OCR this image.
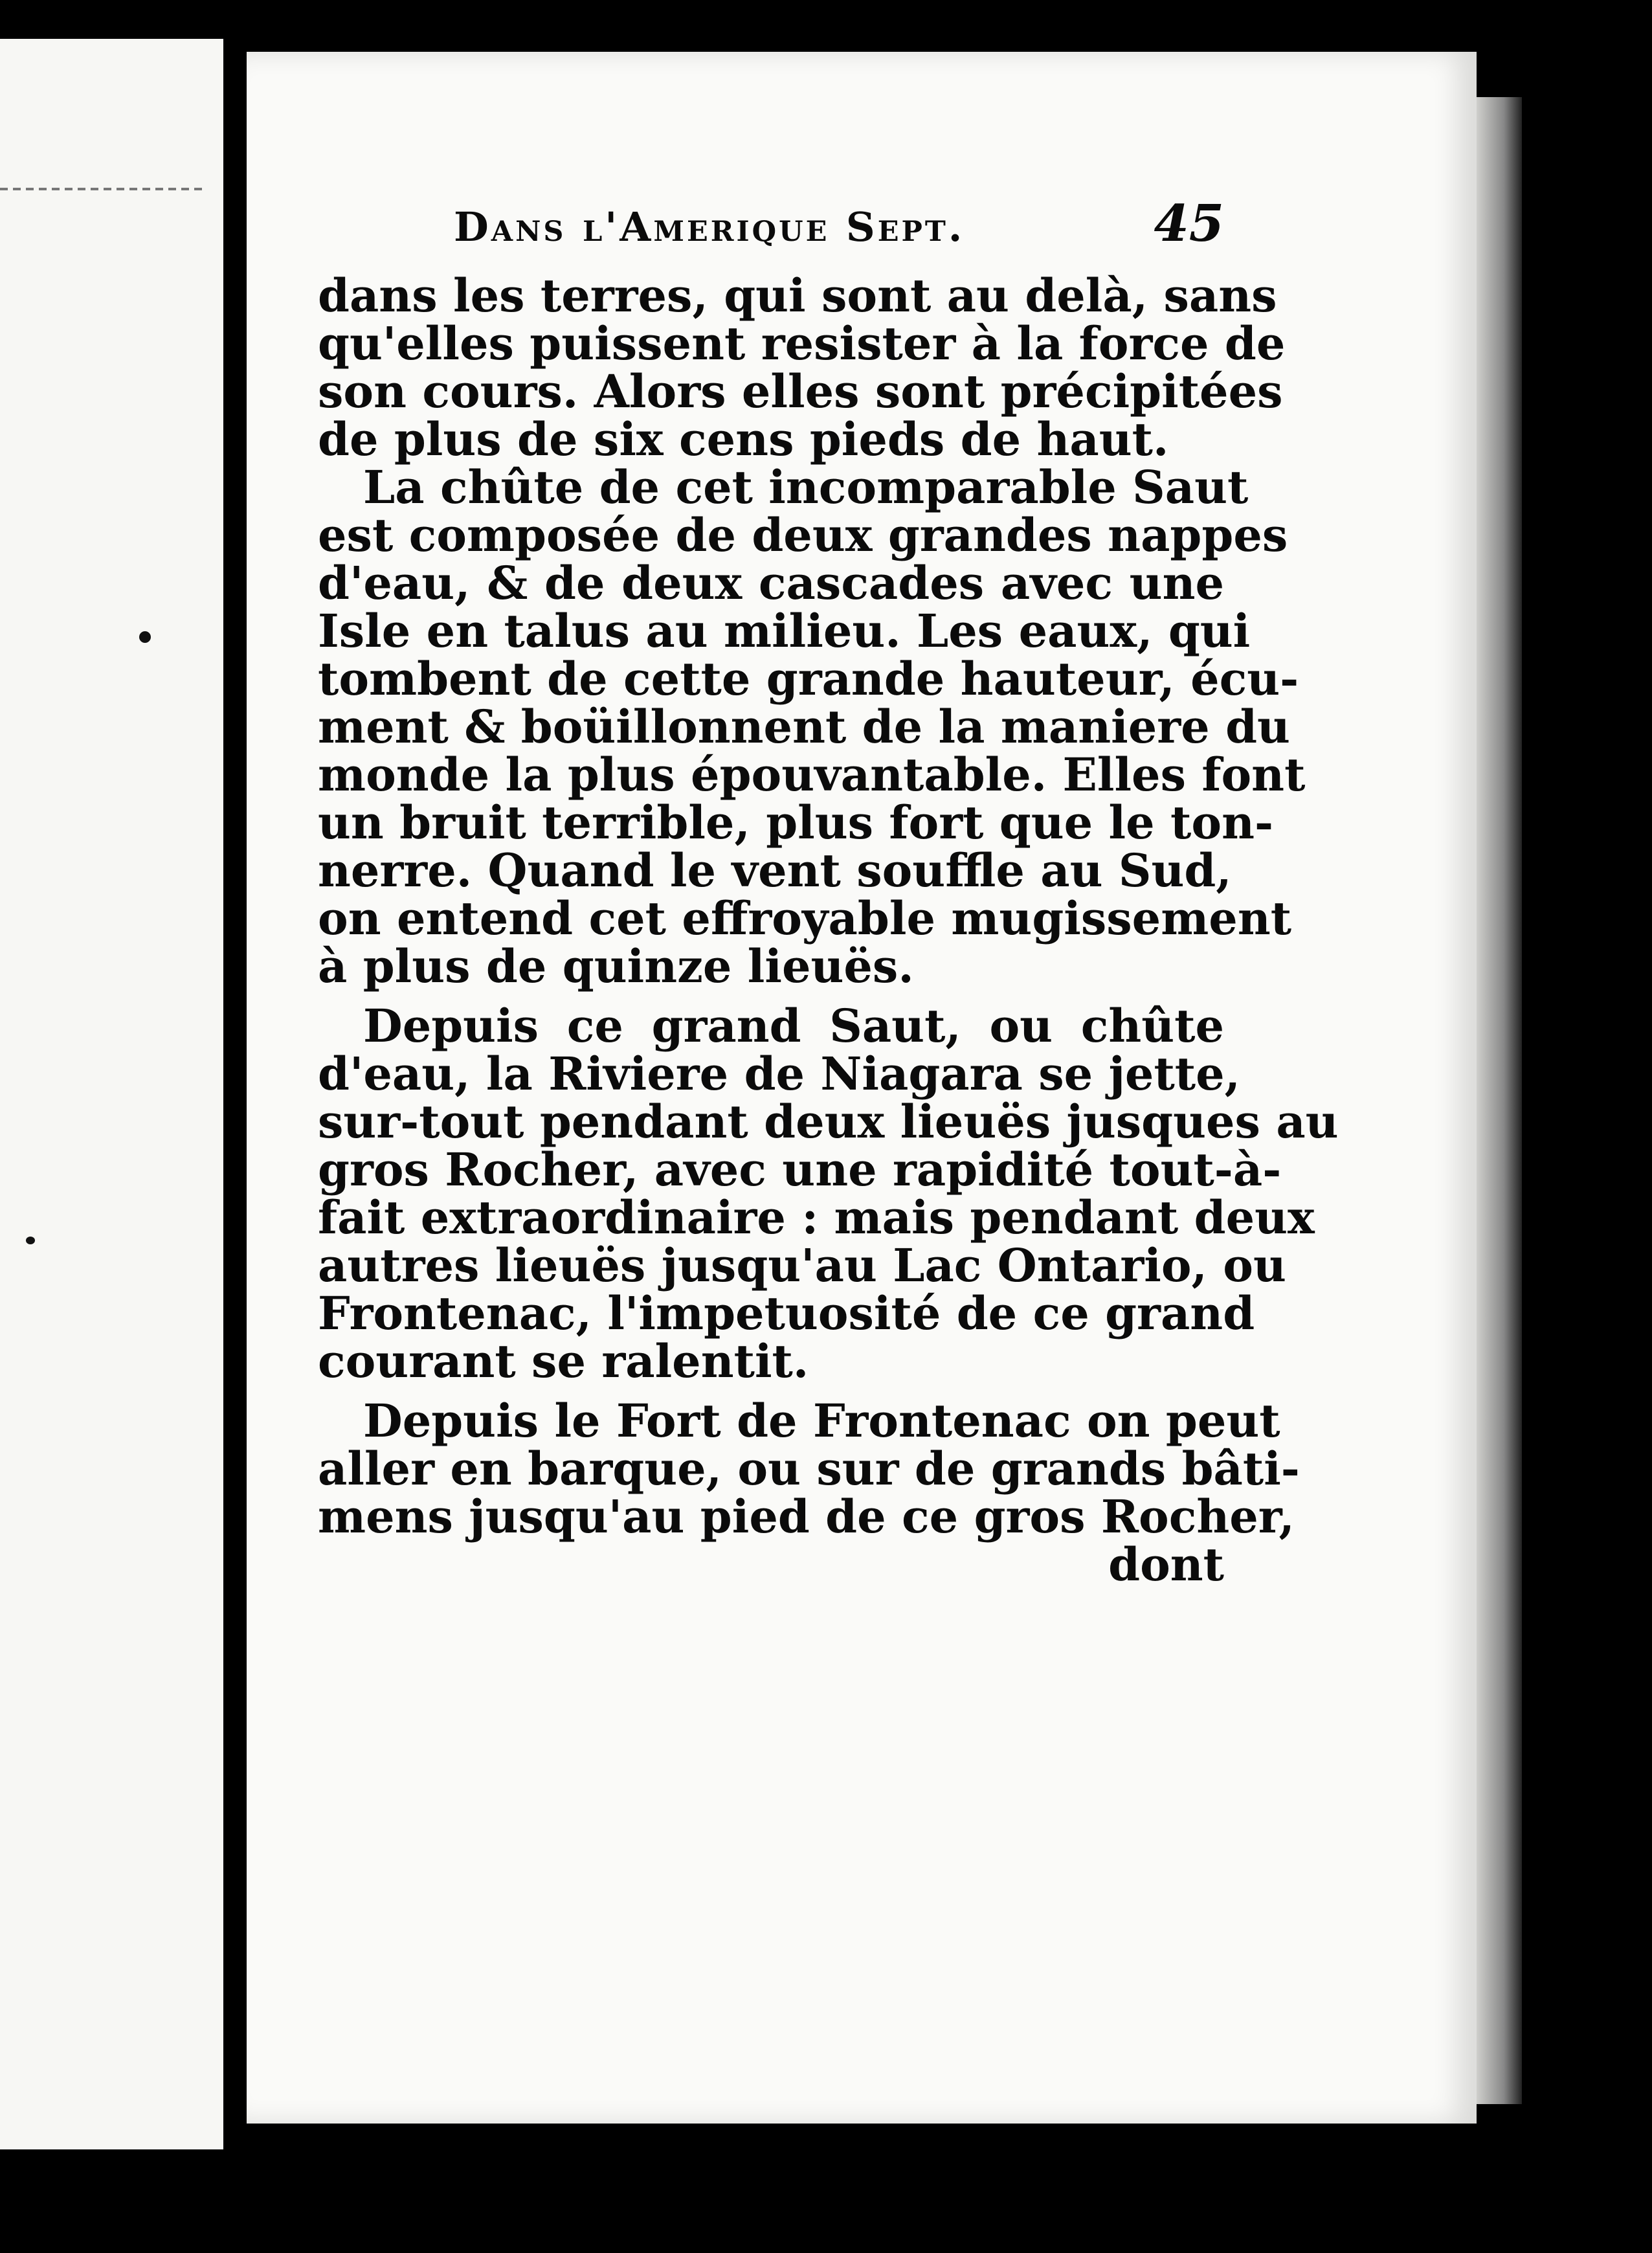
Dans l'Amerique Sept.	45
dans les terres, qui sont au delà, sans
qu'elles puissent resister à la force de
son cours. Alors elles sont précipitées
de plus de six cens pieds de haut.
La chûte de cet incomparable Saut
est composée de deux grandes nappes
d'eau, & de deux cascades avec une
Isle en talus au milieu. Les eaux, qui
tombent de cette grande hauteur, écu-
ment & boüillonnent de la maniere du
monde la plus épouvantable. Elles font
un bruit terrible, plus fort que le ton-
nerre. Quand le vent souffle au Sud,
on entend cet effroyable mugissement
à plus de quinze lieuës.
Depuis ce grand Saut, ou chûte
d'eau, la Riviere de Niagara se jette,
sur-tout pendant deux lieuës jusques au
gros Rocher, avec une rapidité tout-à-
fait extraordinaire : mais pendant deux
autres lieuës jusqu'au Lac Ontario, ou
Frontenac, l'impetuosité de ce grand
courant se ralentit.
Depuis le Fort de Frontenac on peut
aller en barque, ou sur de grands bâti-
mens jusqu'au pied de ce gros Rocher,
dont
